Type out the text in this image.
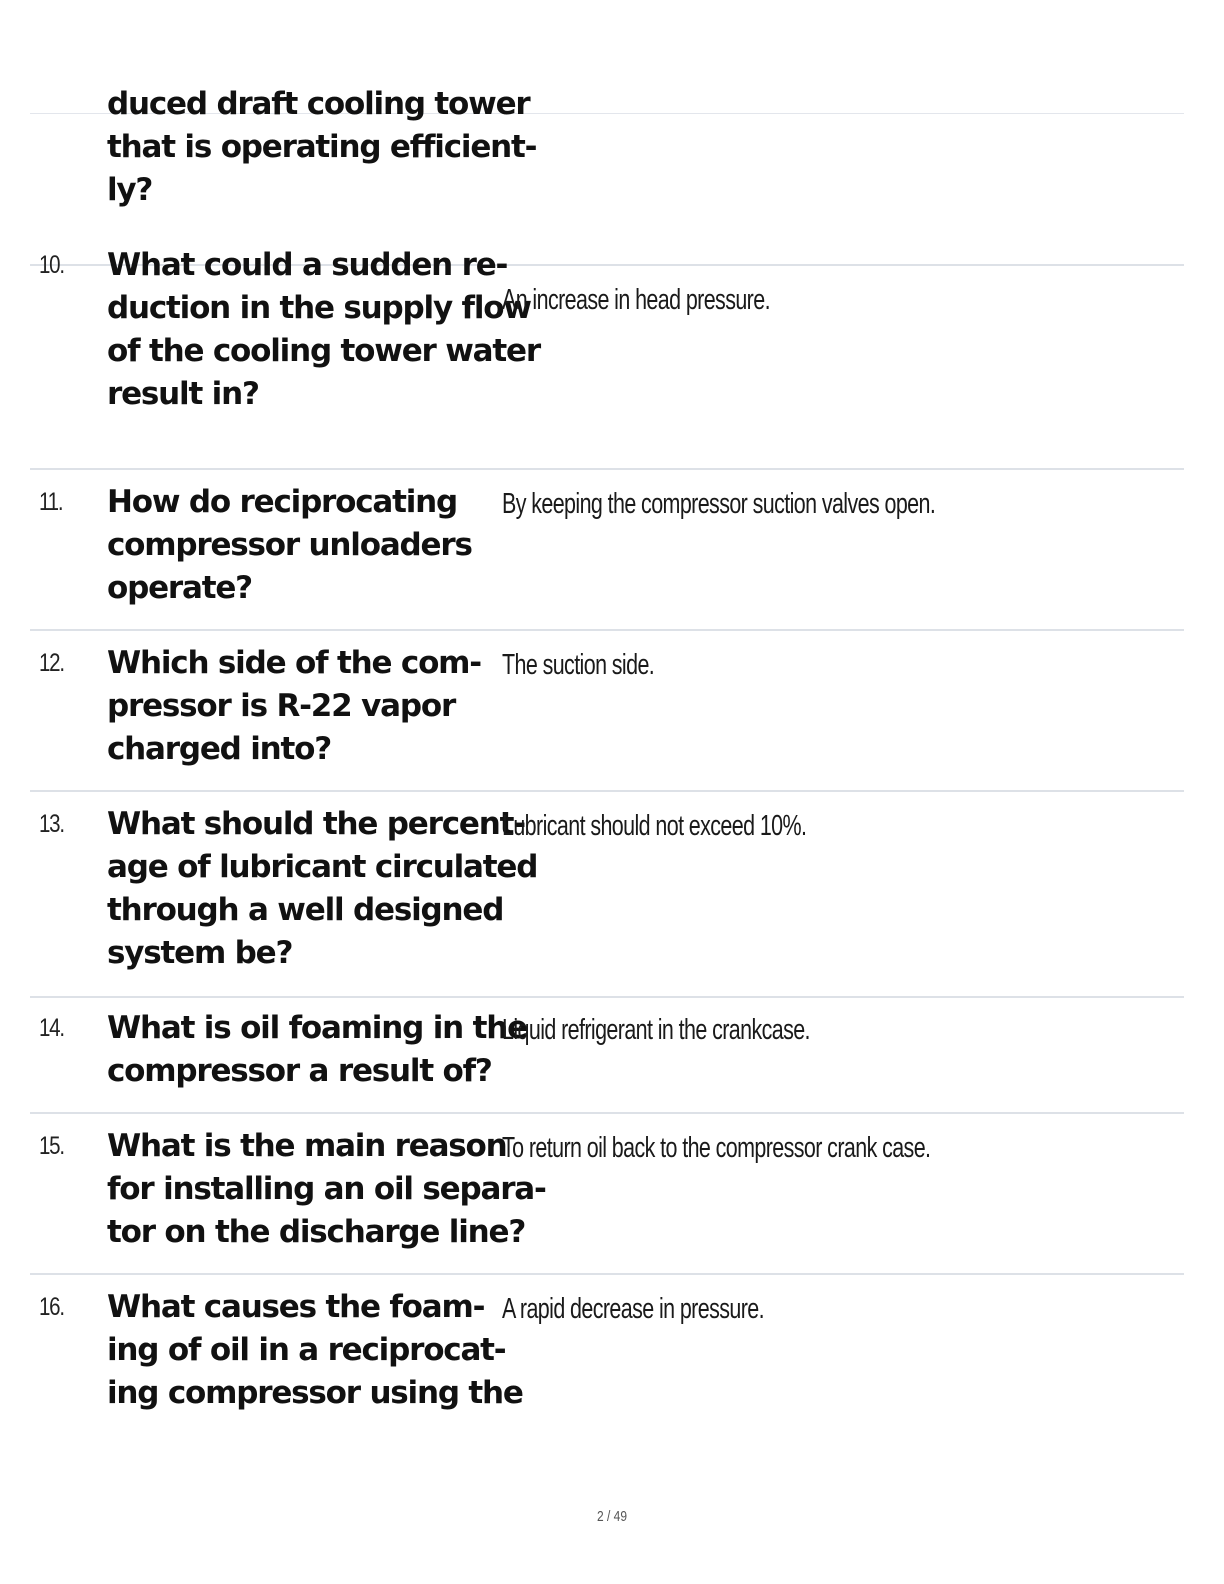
duced draft cooling tower
that is operating efficient-
ly?
10. What could a sudden re-
duction in the supply flow
of the cooling tower water
result in?
An increase in head pressure.
11. How do reciprocating
compressor unloaders
operate?
By keeping the compressor suction valves open.
12. Which side of the com-
pressor is R-22 vapor
charged into?
The suction side.
13. What should the percent-
age of lubricant circulated
through a well designed
system be?
Lubricant should not exceed 10%.
14. What is oil foaming in the
compressor a result of?
Liquid refrigerant in the crankcase.
15. What is the main reason
for installing an oil separa-
tor on the discharge line?
To return oil back to the compressor crank case.
16. What causes the foam-
ing of oil in a reciprocat-
ing compressor using the
A rapid decrease in pressure.
2 / 49
